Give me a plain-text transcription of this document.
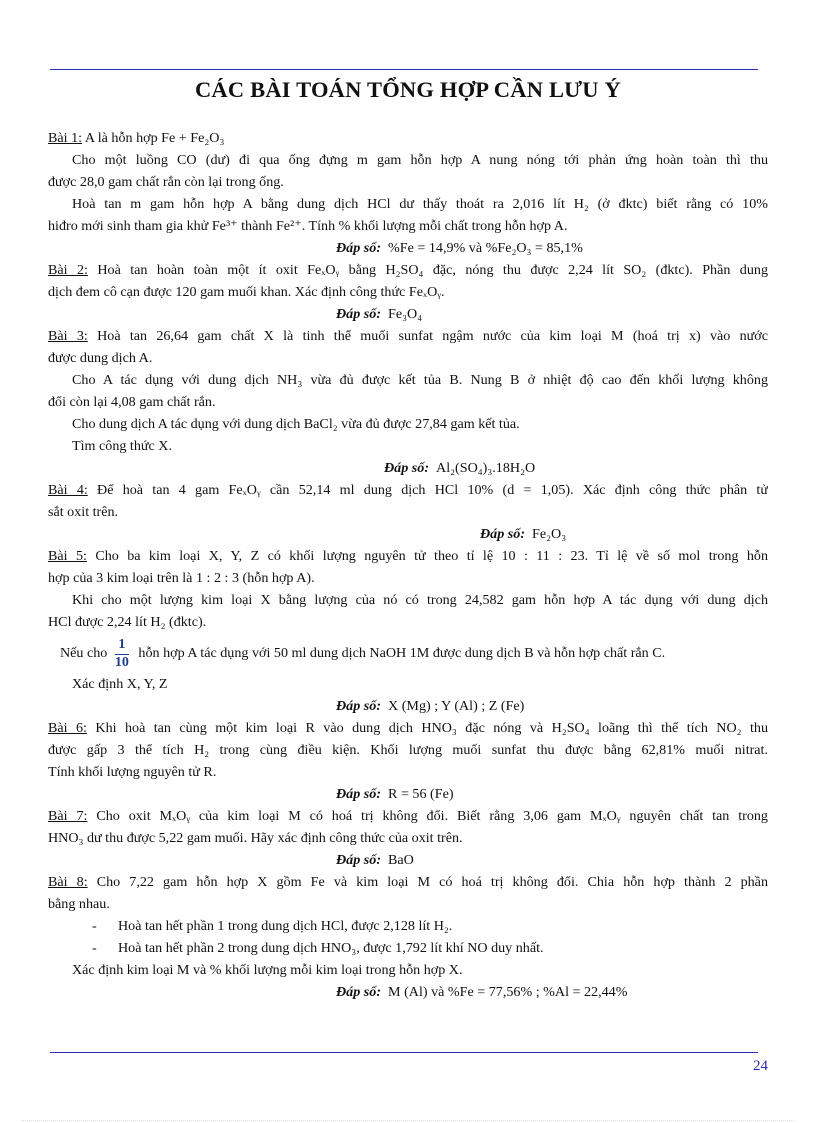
CÁC BÀI TOÁN TỔNG HỢP CẦN LƯU Ý
Bài 1: A là hỗn hợp Fe + Fe₂O₃
Cho một luồng CO (dư) đi qua ống đựng m gam hỗn hợp A nung nóng tới phản ứng hoàn toàn thì thu
được 28,0 gam chất rắn còn lại trong ống.
Hoà tan m gam hỗn hợp A bằng dung dịch HCl dư thấy thoát ra 2,016 lít H₂ (ở đktc) biết rằng có 10%
hiđro mới sinh tham gia khử Fe³⁺ thành Fe²⁺. Tính % khối lượng mỗi chất trong hỗn hợp A.
Đáp số: %Fe = 14,9% và %Fe₂O₃ = 85,1%
Bài 2: Hoà tan hoàn toàn một ít oxit FeₓOᵧ bằng H₂SO₄ đặc, nóng thu được 2,24 lít SO₂ (đktc). Phần dung
dịch đem cô cạn được 120 gam muối khan. Xác định công thức FeₓOᵧ.
Đáp số: Fe₃O₄
Bài 3: Hoà tan 26,64 gam chất X là tinh thể muối sunfat ngậm nước của kim loại M (hoá trị x) vào nước
được dung dịch A.
Cho A tác dụng với dung dịch NH₃ vừa đủ được kết tủa B. Nung B ở nhiệt độ cao đến khối lượng không
đổi còn lại 4,08 gam chất rắn.
Cho dung dịch A tác dụng với dung dịch BaCl₂ vừa đủ được 27,84 gam kết tủa.
Tìm công thức X.
Đáp số: Al₂(SO₄)₃.18H₂O
Bài 4: Để hoà tan 4 gam FeₓOᵧ cần 52,14 ml dung dịch HCl 10% (d = 1,05). Xác định công thức phân tử
sắt oxit trên.
Đáp số: Fe₂O₃
Bài 5: Cho ba kim loại X, Y, Z có khối lượng nguyên tử theo tỉ lệ 10 : 11 : 23. Tỉ lệ về số mol trong hỗn
hợp của 3 kim loại trên là 1 : 2 : 3 (hỗn hợp A).
Khi cho một lượng kim loại X bằng lượng của nó có trong 24,582 gam hỗn hợp A tác dụng với dung dịch
HCl được 2,24 lít H₂ (đktc).
Nếu cho $\frac{1}{10}$ hỗn hợp A tác dụng với 50 ml dung dịch NaOH 1M được dung dịch B và hỗn hợp chất rắn C.
Xác định X, Y, Z
Đáp số: X (Mg) ; Y (Al) ; Z (Fe)
Bài 6: Khi hoà tan cùng một kim loại R vào dung dịch HNO₃ đặc nóng và H₂SO₄ loãng thì thể tích NO₂ thu
được gấp 3 thể tích H₂ trong cùng điều kiện. Khối lượng muối sunfat thu được bằng 62,81% muối nitrat.
Tính khối lượng nguyên tử R.
Đáp số: R = 56 (Fe)
Bài 7: Cho oxit MₓOᵧ của kim loại M có hoá trị không đổi. Biết rằng 3,06 gam MₓOᵧ nguyên chất tan trong
HNO₃ dư thu được 5,22 gam muối. Hãy xác định công thức của oxit trên.
Đáp số: BaO
Bài 8: Cho 7,22 gam hỗn hợp X gồm Fe và kim loại M có hoá trị không đổi. Chia hỗn hợp thành 2 phần
bằng nhau.
- Hoà tan hết phần 1 trong dung dịch HCl, được 2,128 lít H₂.
- Hoà tan hết phần 2 trong dung dịch HNO₃, được 1,792 lít khí NO duy nhất.
Xác định kim loại M và % khối lượng mỗi kim loại trong hỗn hợp X.
Đáp số: M (Al) và %Fe = 77,56% ; %Al = 22,44%
24
